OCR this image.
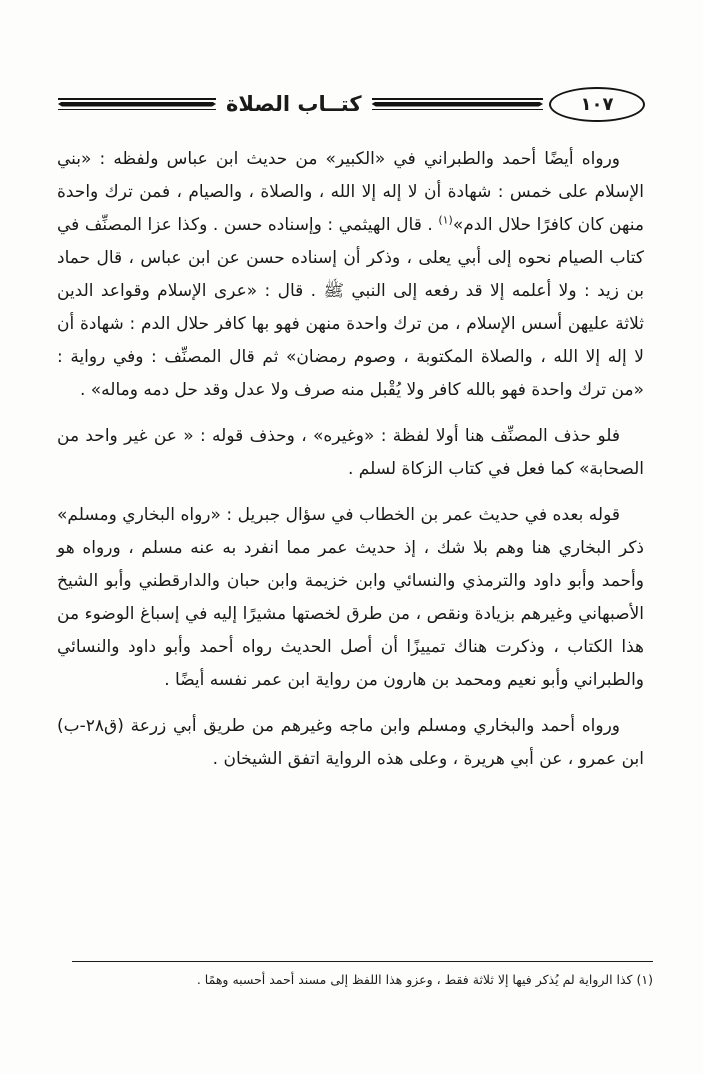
١٠٧
كتــاب الصلاة

ورواه أيضًا أحمد والطبراني في «الكبير» من حديث ابن عباس ولفظه : «بني الإسلام على خمس : شهادة أن لا إله إلا الله ، والصلاة ، والصيام ، فمن ترك واحدة منهن كان كافرًا حلال الدم»$^{(١)}$ . قال الهيثمي : وإسناده حسن . وكذا عزا المصنِّف في كتاب الصيام نحوه إلى أبي يعلى ، وذكر أن إسناده حسن عن ابن عباس ، قال حماد بن زيد : ولا أعلمه إلا قد رفعه إلى النبي ﷺ . قال : «عرى الإسلام وقواعد الدين ثلاثة عليهن أسس الإسلام ، من ترك واحدة منهن فهو بها كافر حلال الدم : شهادة أن لا إله إلا الله ، والصلاة المكتوبة ، وصوم رمضان» ثم قال المصنِّف : وفي رواية : «من ترك واحدة فهو بالله كافر ولا يُقْبل منه صرف ولا عدل وقد حل دمه وماله» .

فلو حذف المصنِّف هنا أولا لفظة : «وغيره» ، وحذف قوله : « عن غير واحد من الصحابة» كما فعل في كتاب الزكاة لسلم .

قوله بعده في حديث عمر بن الخطاب في سؤال جبريل : «رواه البخاري ومسلم» ذكر البخاري هنا وهم بلا شك ، إذ حديث عمر مما انفرد به عنه مسلم ، ورواه هو وأحمد وأبو داود والترمذي والنسائي وابن خزيمة وابن حبان والدارقطني وأبو الشيخ الأصبهاني وغيرهم بزيادة ونقص ، من طرق لخصتها مشيرًا إليه في إسباغ الوضوء من هذا الكتاب ، وذكرت هناك تمييزًا أن أصل الحديث رواه أحمد وأبو داود والنسائي والطبراني وأبو نعيم ومحمد بن هارون من رواية ابن عمر نفسه أيضًا .

ورواه أحمد والبخاري ومسلم وابن ماجه وغيرهم من طريق أبي زرعة (ق٢٨-ب) ابن عمرو ، عن أبي هريرة ، وعلى هذه الرواية اتفق الشيخان .

(١) كذا الرواية لم يُذكر فيها إلا ثلاثة فقط ، وعزو هذا اللفظ إلى مسند أحمد أحسبه وهمًا .
